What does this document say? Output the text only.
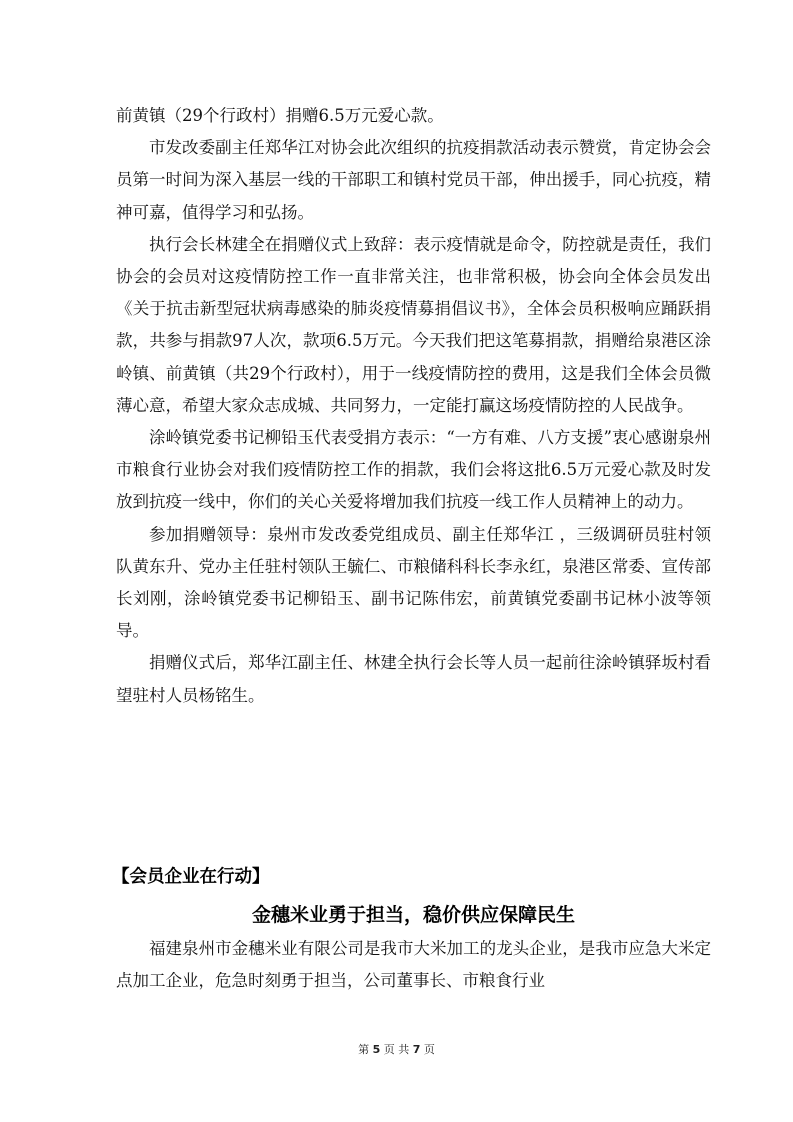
前黄镇（29个行政村）捐赠6.5万元爱心款。

市发改委副主任郑华江对协会此次组织的抗疫捐款活动表示赞赏，肯定协会会员第一时间为深入基层一线的干部职工和镇村党员干部，伸出援手，同心抗疫，精神可嘉，值得学习和弘扬。

执行会长林建全在捐赠仪式上致辞：表示疫情就是命令，防控就是责任，我们协会的会员对这疫情防控工作一直非常关注，也非常积极，协会向全体会员发出《关于抗击新型冠状病毒感染的肺炎疫情募捐倡议书》，全体会员积极响应踊跃捐款，共参与捐款97人次，款项6.5万元。今天我们把这笔募捐款，捐赠给泉港区涂岭镇、前黄镇（共29个行政村），用于一线疫情防控的费用，这是我们全体会员微薄心意，希望大家众志成城、共同努力，一定能打赢这场疫情防控的人民战争。

涂岭镇党委书记柳铅玉代表受捐方表示：“一方有难、八方支援”衷心感谢泉州市粮食行业协会对我们疫情防控工作的捐款，我们会将这批6.5万元爱心款及时发放到抗疫一线中，你们的关心关爱将增加我们抗疫一线工作人员精神上的动力。

参加捐赠领导：泉州市发改委党组成员、副主任郑华江 ，三级调研员驻村领队黄东升、党办主任驻村领队王毓仁、市粮储科科长李永红，泉港区常委、宣传部长刘刚，涂岭镇党委书记柳铅玉、副书记陈伟宏，前黄镇党委副书记林小波等领导。

捐赠仪式后，郑华江副主任、林建全执行会长等人员一起前往涂岭镇驿坂村看望驻村人员杨铭生。

【会员企业在行动】
金穗米业勇于担当，稳价供应保障民生

福建泉州市金穗米业有限公司是我市大米加工的龙头企业，是我市应急大米定点加工企业，危急时刻勇于担当，公司董事长、市粮食行业

第 5 页 共 7 页
